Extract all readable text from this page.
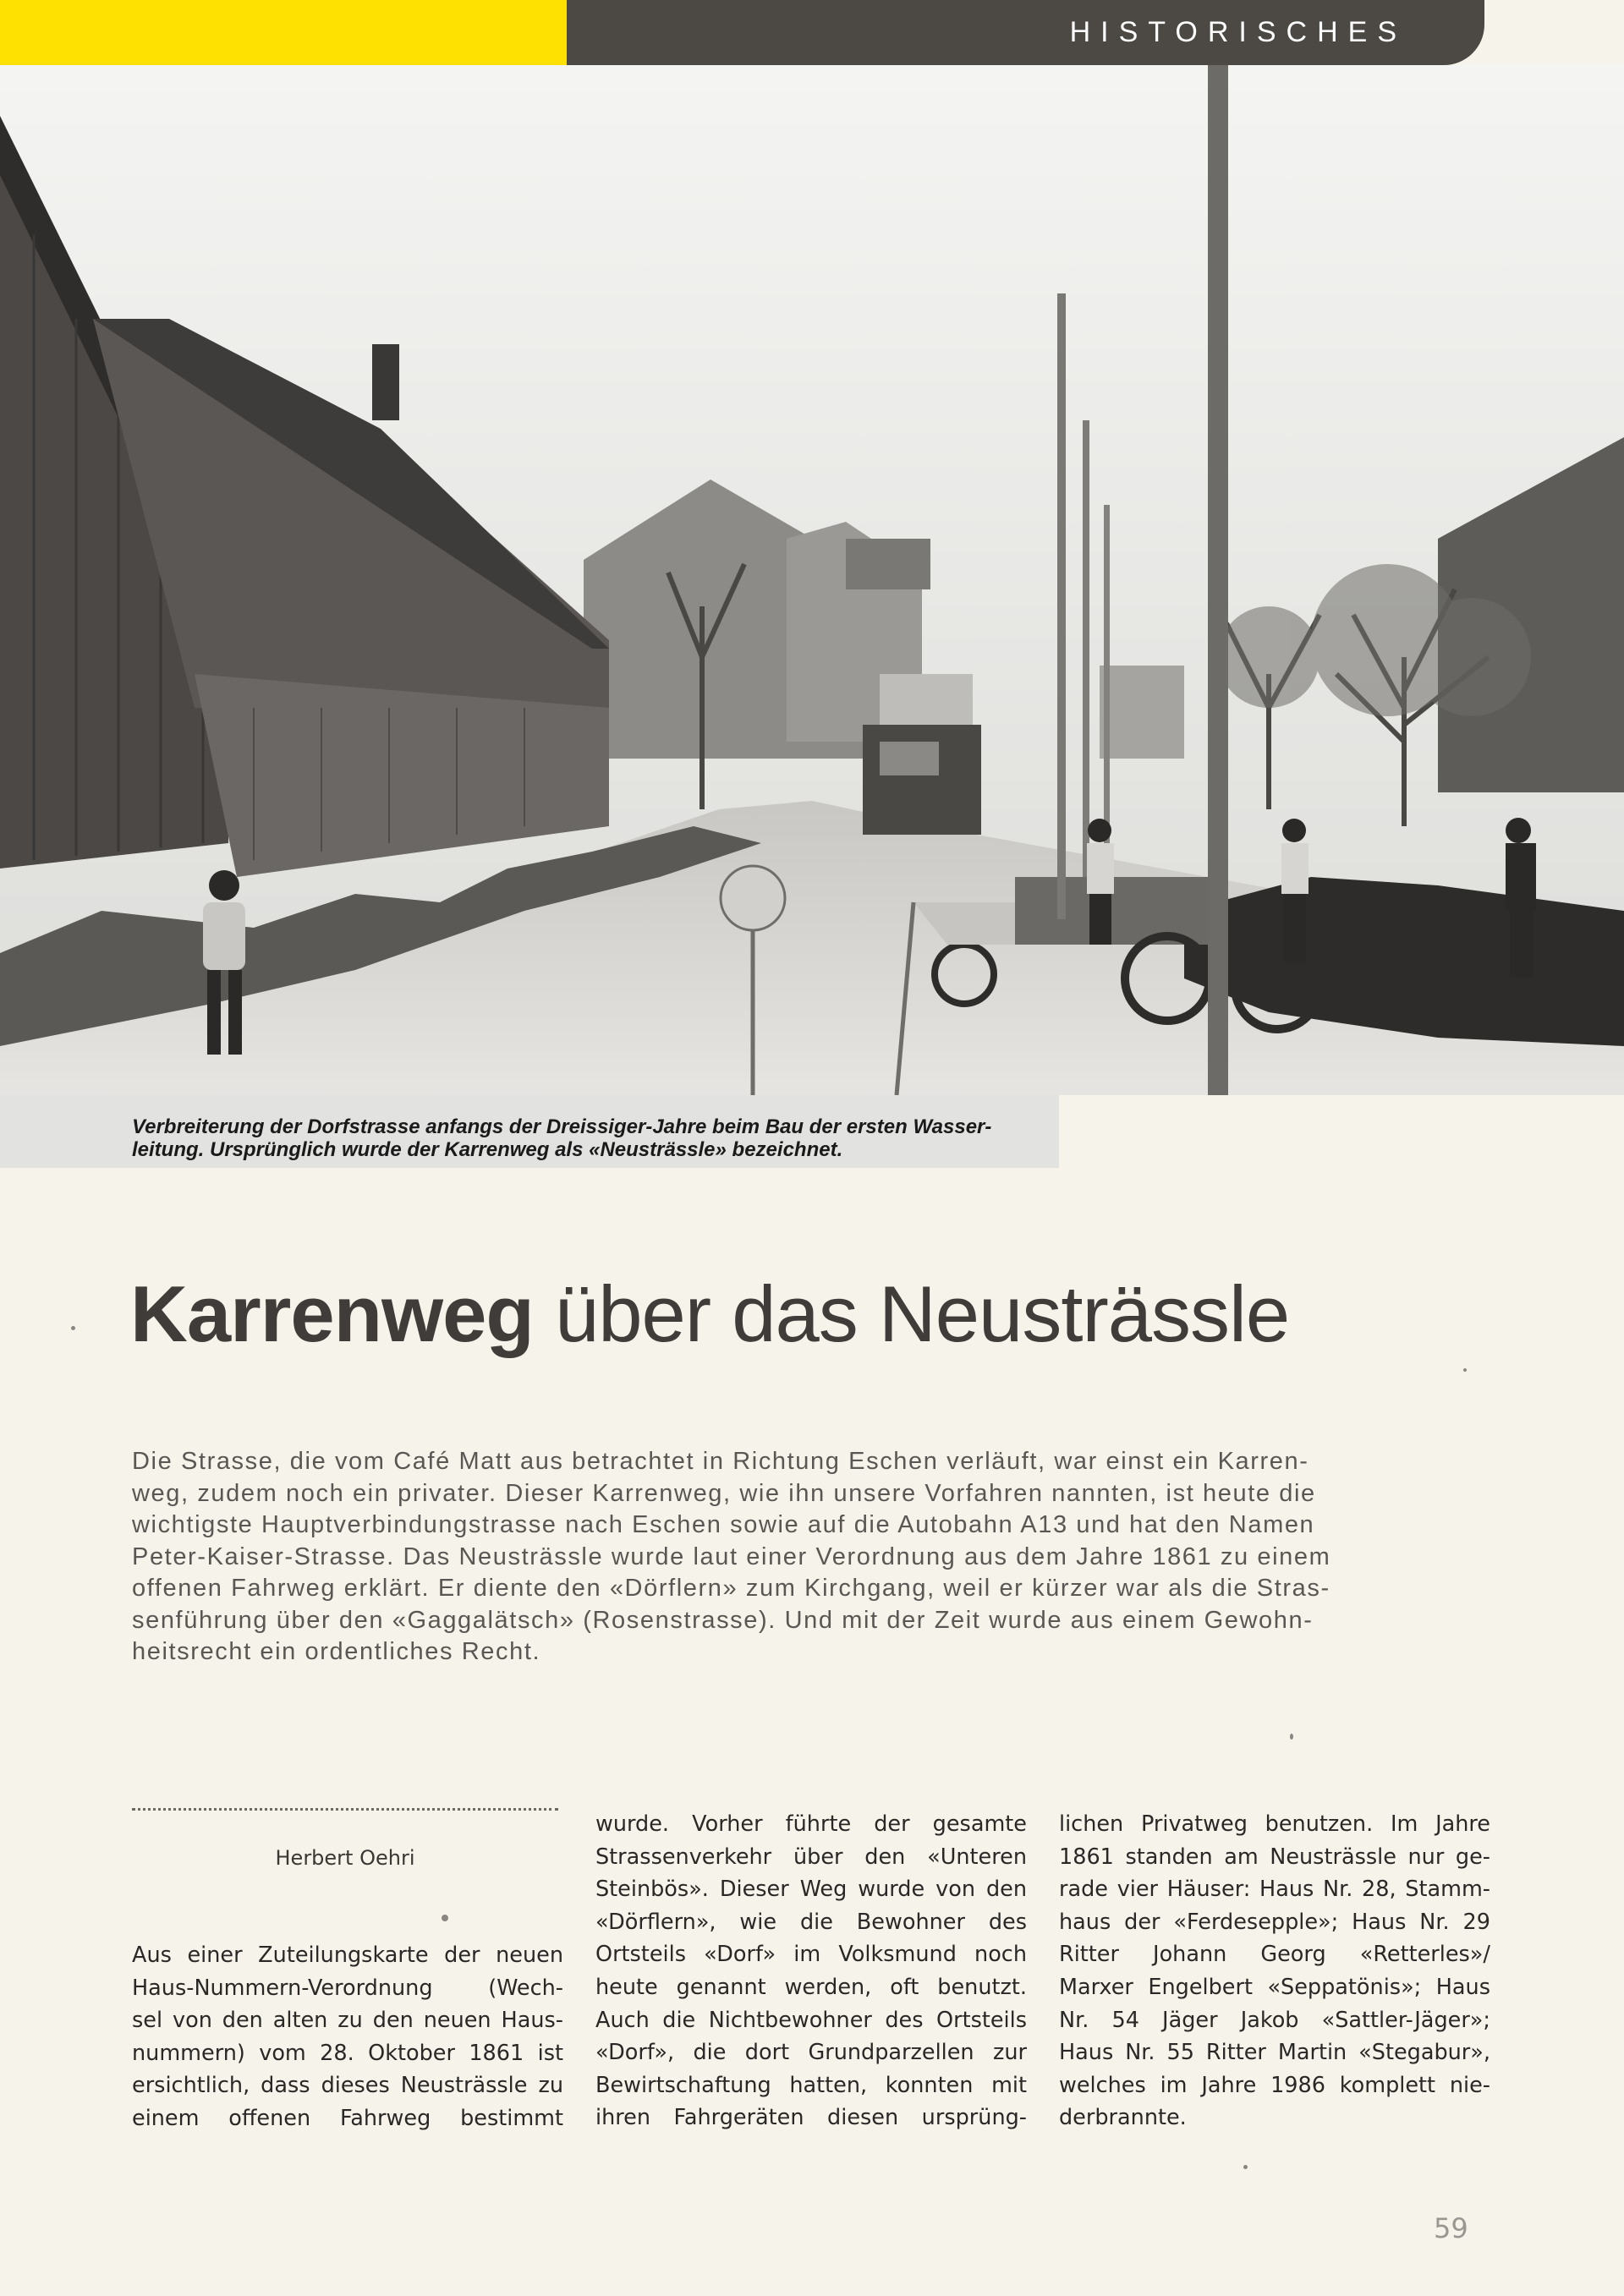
HISTORISCHES
Verbreiterung der Dorfstrasse anfangs der Dreissiger-Jahre beim Bau der ersten Wasser-
leitung. Ursprünglich wurde der Karrenweg als «Neusträssle» bezeichnet.
Karrenweg über das Neusträssle
Die Strasse, die vom Café Matt aus betrachtet in Richtung Eschen verläuft, war einst ein Karren-
weg, zudem noch ein privater. Dieser Karrenweg, wie ihn unsere Vorfahren nannten, ist heute die
wichtigste Hauptverbindungstrasse nach Eschen sowie auf die Autobahn A13 und hat den Namen
Peter-Kaiser-Strasse. Das Neusträssle wurde laut einer Verordnung aus dem Jahre 1861 zu einem
offenen Fahrweg erklärt. Er diente den «Dörflern» zum Kirchgang, weil er kürzer war als die Stras-
senführung über den «Gaggalätsch» (Rosenstrasse). Und mit der Zeit wurde aus einem Gewohn-
heitsrecht ein ordentliches Recht.
Herbert Oehri
Aus einer Zuteilungskarte der neuen
Haus-Nummern-Verordnung (Wech-
sel von den alten zu den neuen Haus-
nummern) vom 28. Oktober 1861 ist
ersichtlich, dass dieses Neusträssle zu
einem offenen Fahrweg bestimmt
wurde. Vorher führte der gesamte
Strassenverkehr über den «Unteren
Steinbös». Dieser Weg wurde von den
«Dörflern», wie die Bewohner des
Ortsteils «Dorf» im Volksmund noch
heute genannt werden, oft benutzt.
Auch die Nichtbewohner des Ortsteils
«Dorf», die dort Grundparzellen zur
Bewirtschaftung hatten, konnten mit
ihren Fahrgeräten diesen ursprüng-
lichen Privatweg benutzen. Im Jahre
1861 standen am Neusträssle nur ge-
rade vier Häuser: Haus Nr. 28, Stamm-
haus der «Ferdesepple»; Haus Nr. 29
Ritter Johann Georg «Retterles»/
Marxer Engelbert «Seppatönis»; Haus
Nr. 54 Jäger Jakob «Sattler-Jäger»;
Haus Nr. 55 Ritter Martin «Stegabur»,
welches im Jahre 1986 komplett nie-
derbrannte.
59
